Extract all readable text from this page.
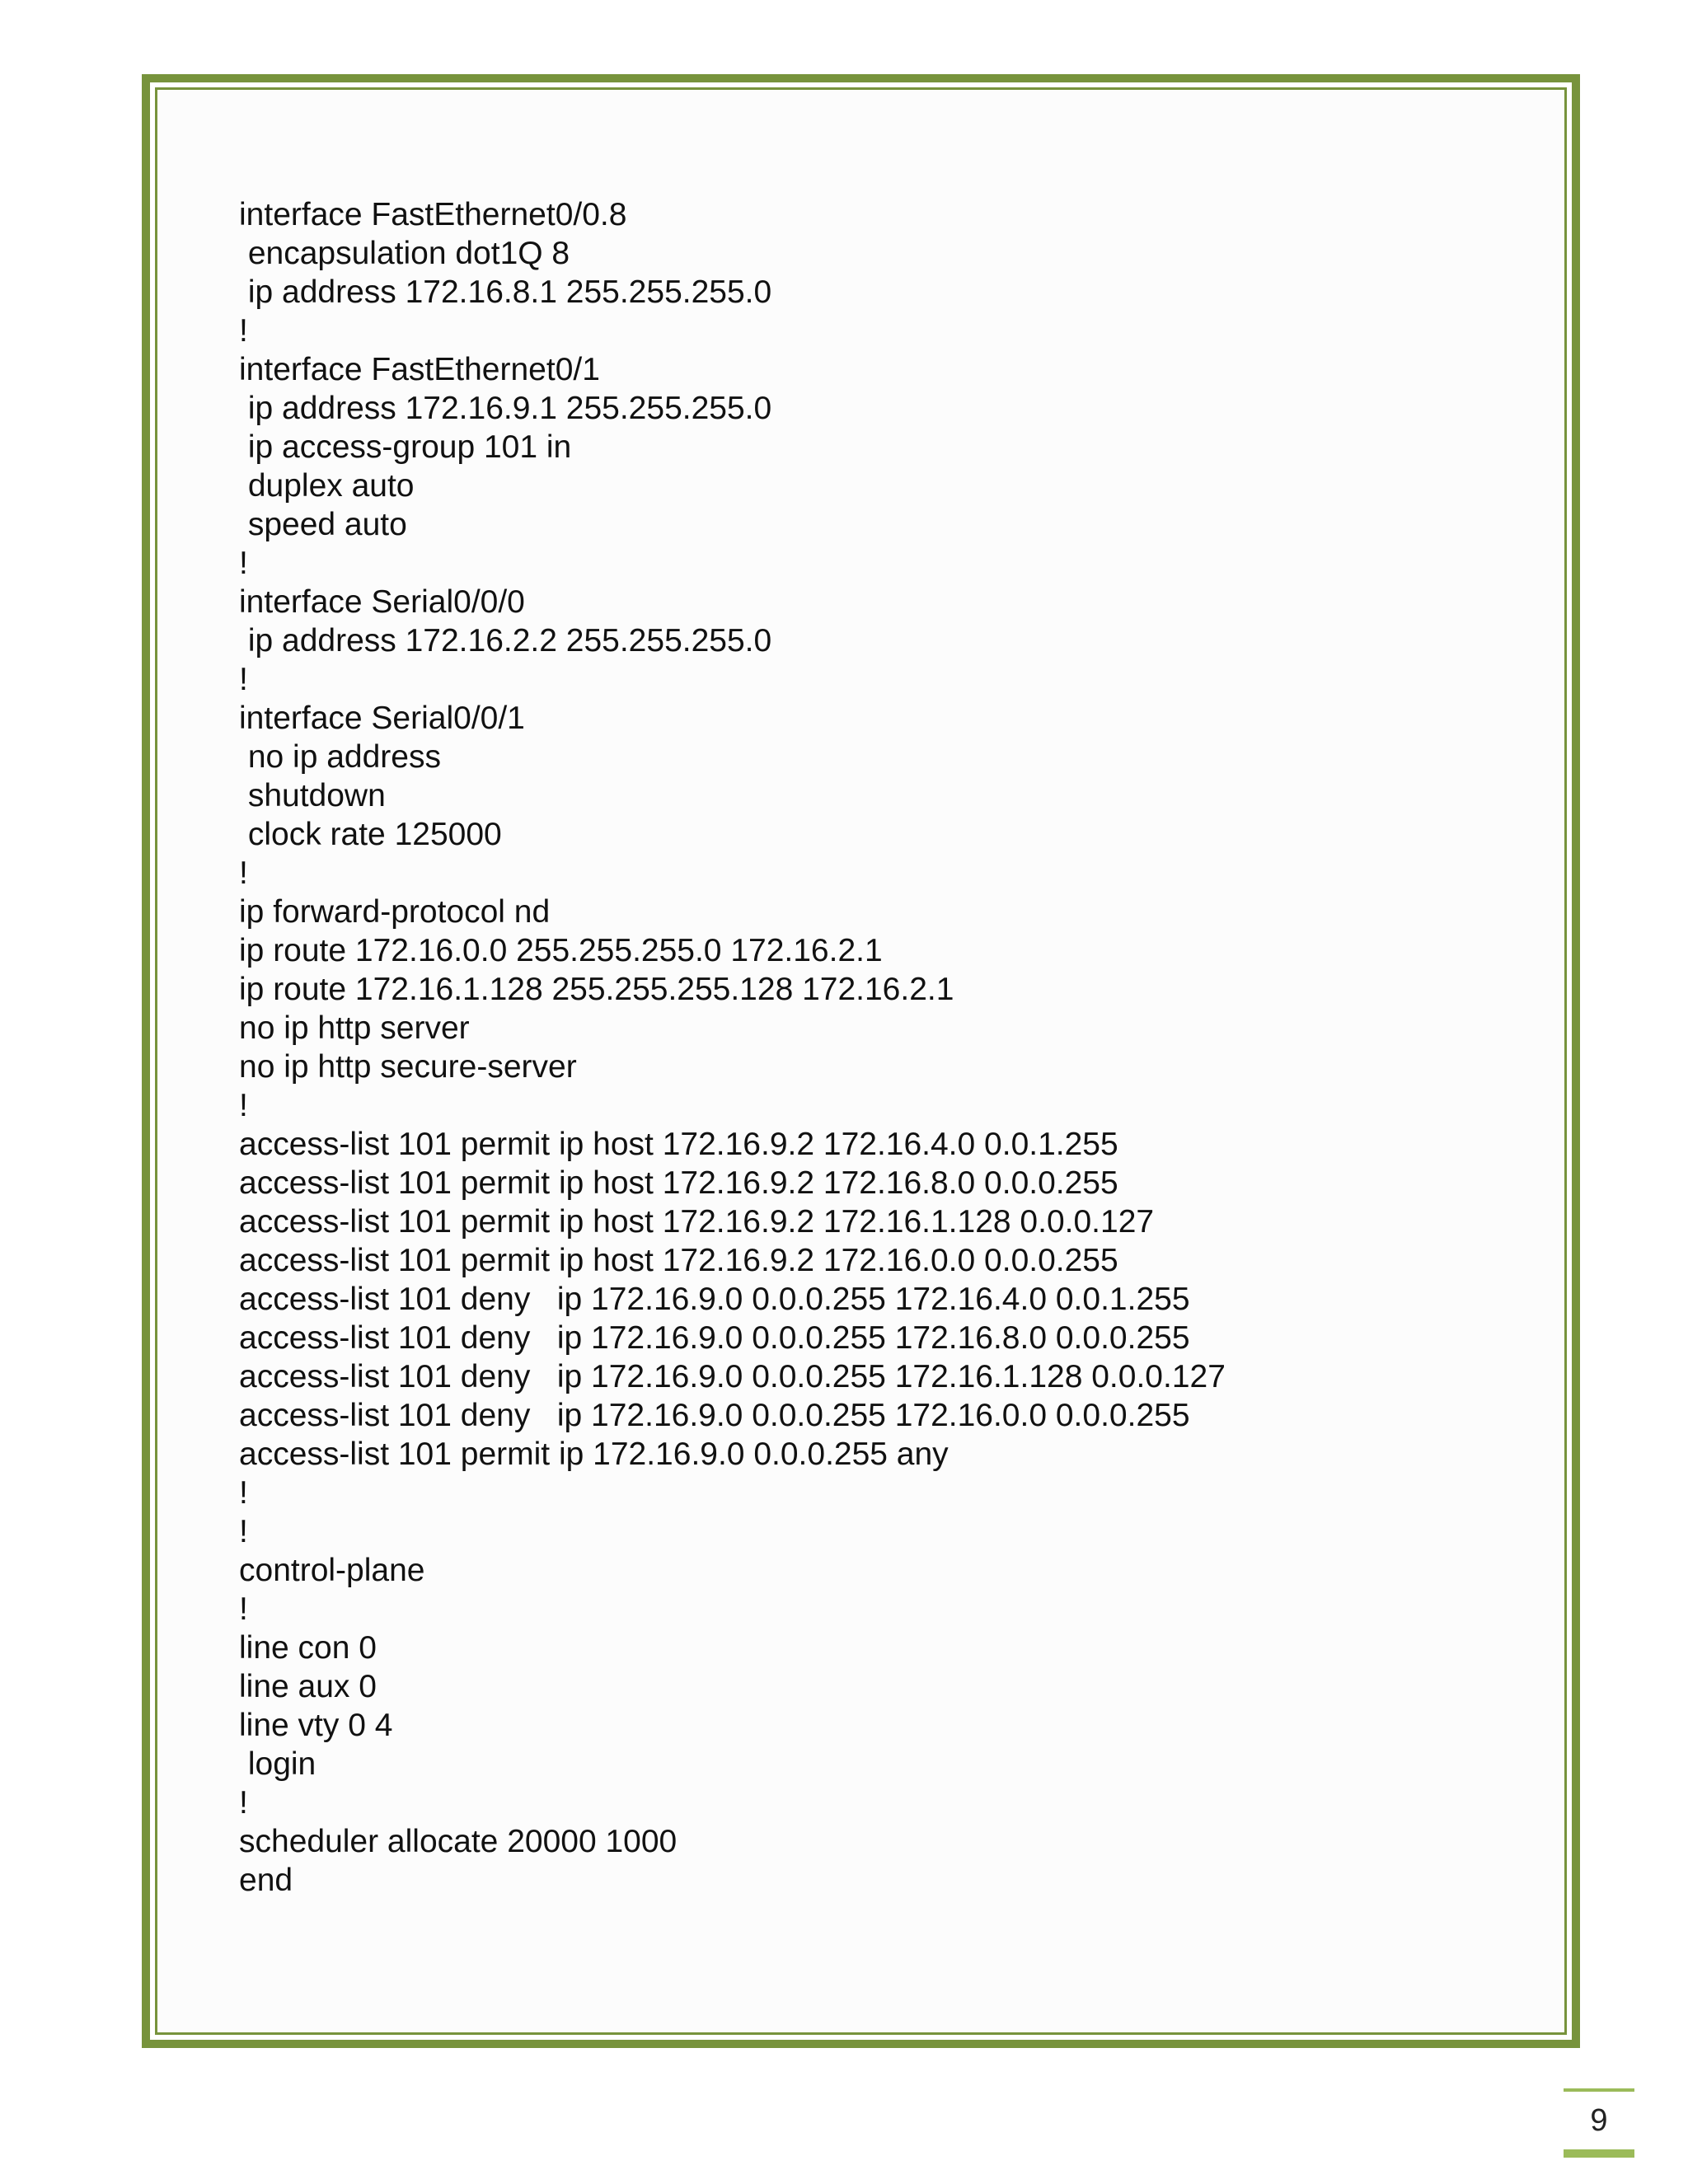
interface FastEthernet0/0.8
encapsulation dot1Q 8
ip address 172.16.8.1 255.255.255.0
!
interface FastEthernet0/1
ip address 172.16.9.1 255.255.255.0
ip access-group 101 in
duplex auto
speed auto
!
interface Serial0/0/0
ip address 172.16.2.2 255.255.255.0
!
interface Serial0/0/1
no ip address
shutdown
clock rate 125000
!
ip forward-protocol nd
ip route 172.16.0.0 255.255.255.0 172.16.2.1
ip route 172.16.1.128 255.255.255.128 172.16.2.1
no ip http server
no ip http secure-server
!
access-list 101 permit ip host 172.16.9.2 172.16.4.0 0.0.1.255
access-list 101 permit ip host 172.16.9.2 172.16.8.0 0.0.0.255
access-list 101 permit ip host 172.16.9.2 172.16.1.128 0.0.0.127
access-list 101 permit ip host 172.16.9.2 172.16.0.0 0.0.0.255
access-list 101 deny   ip 172.16.9.0 0.0.0.255 172.16.4.0 0.0.1.255
access-list 101 deny   ip 172.16.9.0 0.0.0.255 172.16.8.0 0.0.0.255
access-list 101 deny   ip 172.16.9.0 0.0.0.255 172.16.1.128 0.0.0.127
access-list 101 deny   ip 172.16.9.0 0.0.0.255 172.16.0.0 0.0.0.255
access-list 101 permit ip 172.16.9.0 0.0.0.255 any
!
!
control-plane
!
line con 0
line aux 0
line vty 0 4
login
!
scheduler allocate 20000 1000
end
9
